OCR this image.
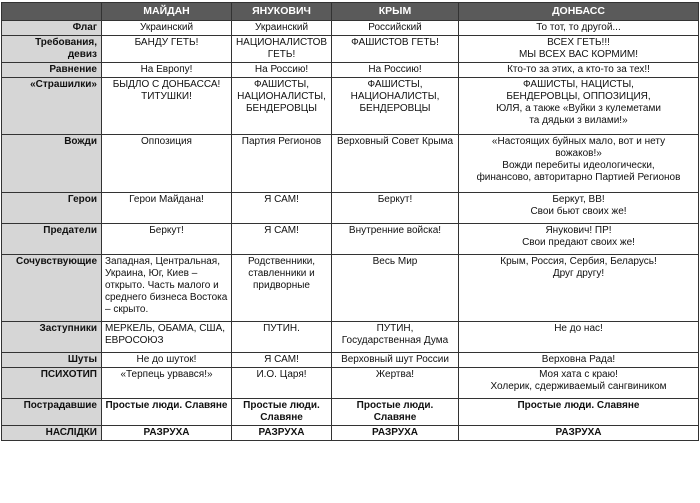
	МАЙДАН	ЯНУКОВИЧ	КРЫМ	ДОНБАСС
Флаг	Украинский	Украинский	Российский	То тот, то другой...
Требования, девиз	БАНДУ ГЕТЬ!	НАЦИОНАЛИСТОВ ГЕТЬ!	ФАШИСТОВ ГЕТЬ!	ВСЕХ ГЕТЬ!!!
МЫ ВСЕХ ВАС КОРМИМ!
Равнение	На Европу!	На Россию!	На Россию!	Кто-то за этих, а кто-то за тех!!
«Страшилки»	БЫДЛО С ДОНБАССА!
ТИТУШКИ!	ФАШИСТЫ,
НАЦИОНАЛИСТЫ,
БЕНДЕРОВЦЫ	ФАШИСТЫ,
НАЦИОНАЛИСТЫ,
БЕНДЕРОВЦЫ	ФАШИСТЫ, НАЦИСТЫ,
БЕНДЕРОВЦЫ, ОППОЗИЦИЯ,
ЮЛЯ, а также «Вуйки з кулеметами
та дядьки з вилами!»
Вожди	Оппозиция	Партия Регионов	Верховный Совет Крыма	«Настоящих буйных мало, вот и нету
вожаков!»
Вожди перебиты идеологически,
финансово, авторитарно Партией Регионов
Герои	Герои Майдана!	Я САМ!	Беркут!	Беркут, ВВ!
Свои бьют своих же!
Предатели	Беркут!	Я САМ!	Внутренние войска!	Янукович! ПР!
Свои предают своих же!
Сочувствующие	Западная, Центральная,
Украина, Юг, Киев –
открыто. Часть малого и
среднего бизнеса Востока
– скрыто.	Родственники,
ставленники и
придворные	Весь Мир	Крым, Россия, Сербия, Беларусь!
Друг другу!
Заступники	МЕРКЕЛЬ, ОБАМА, США,
ЕВРОСОЮЗ	ПУТИН.	ПУТИН,
Государственная Дума	Не до нас!
Шуты	Не до шуток!	Я САМ!	Верховный шут России	Верховна Рада!
ПСИХОТИП	«Терпець урвався!»	И.О. Царя!	Жертва!	Моя хата с краю!
Холерик, сдерживаемый сангвиником
Пострадавшие	Простые люди. Славяне	Простые люди.
Славяне	Простые люди.
Славяне	Простые люди. Славяне
НАСЛІДКИ	РАЗРУХА	РАЗРУХА	РАЗРУХА	РАЗРУХА
